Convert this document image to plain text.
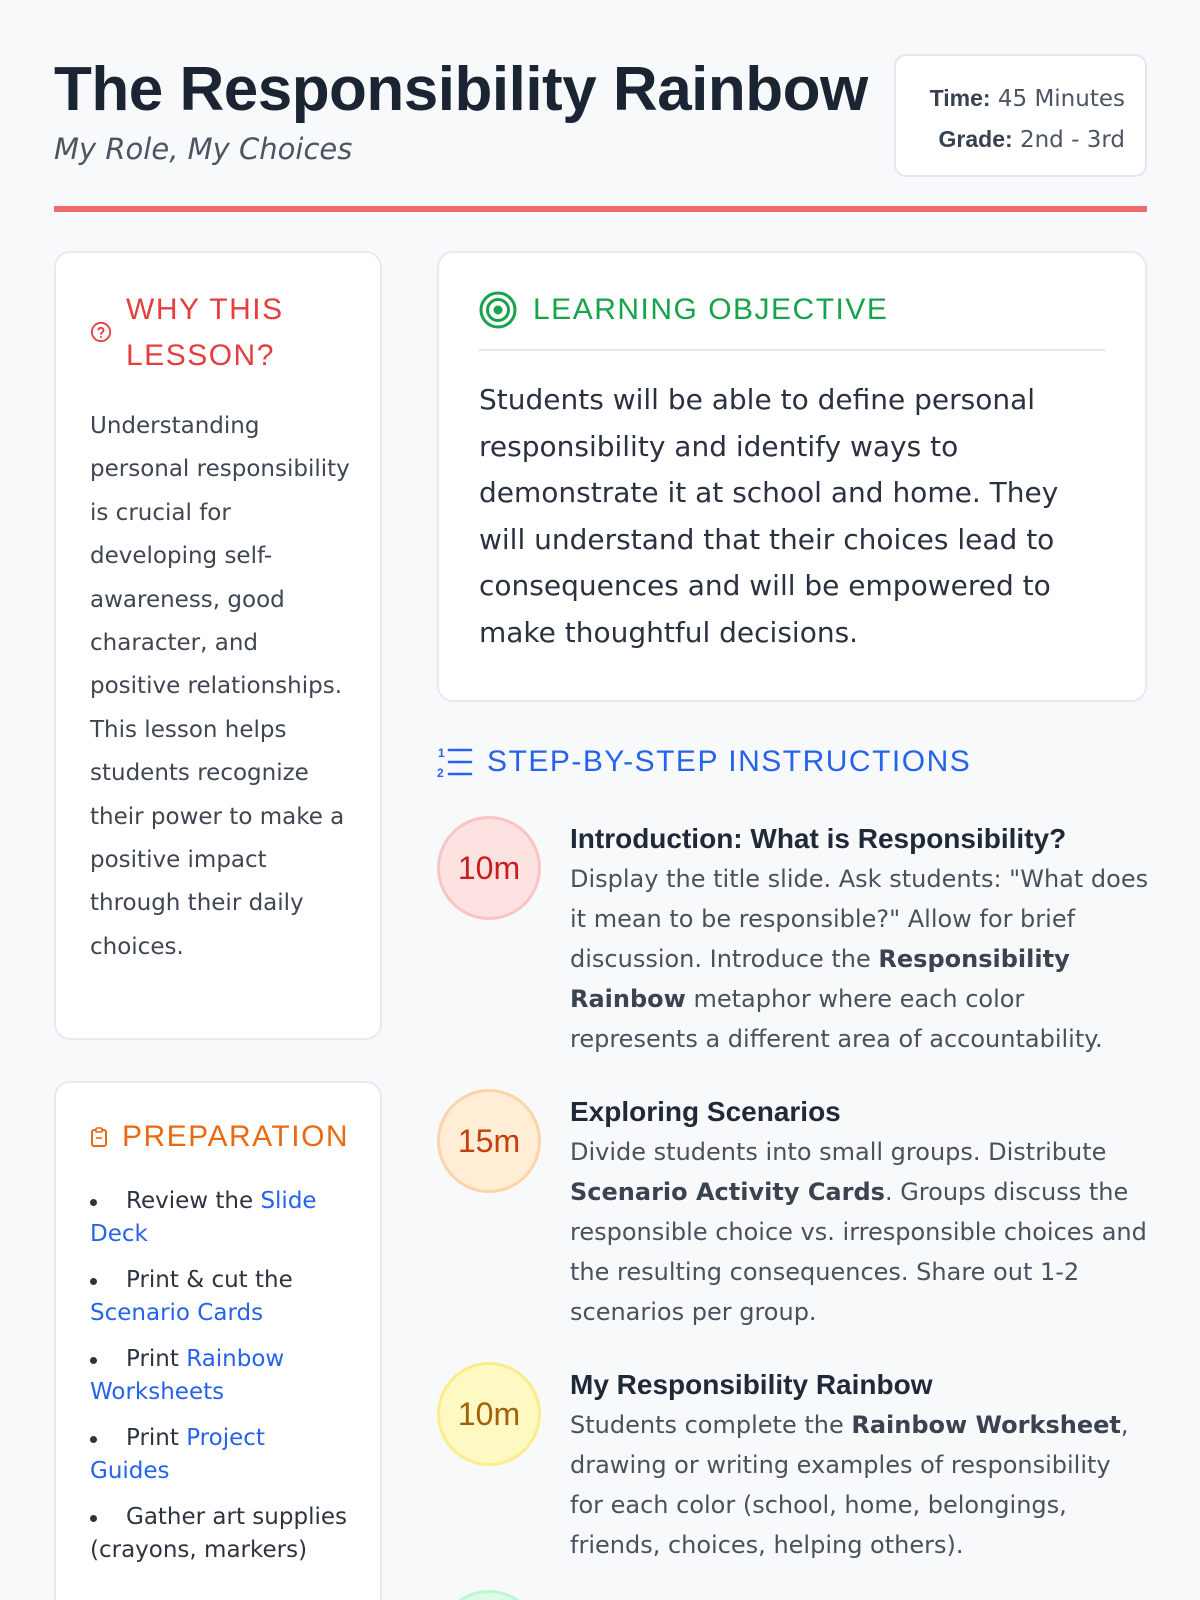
The Responsibility Rainbow
My Role, My Choices
Time: 45 Minutes
Grade: 2nd - 3rd
WHY THIS LESSON?

Understanding personal responsibility is crucial for developing self-awareness, good character, and positive relationships. This lesson helps students recognize their power to make a positive impact through their daily choices.

PREPARATION
Review the Slide Deck
Print & cut the Scenario Cards
Print Rainbow Worksheets
Print Project Guides
Gather art supplies (crayons, markers)
LEARNING OBJECTIVE

Students will be able to define personal responsibility and identify ways to demonstrate it at school and home. They will understand that their choices lead to consequences and will be empowered to make thoughtful decisions.

1
2 STEP-BY-STEP INSTRUCTIONS
10m
Introduction: What is Responsibility?

Display the title slide. Ask students: "What does it mean to be responsible?" Allow for brief discussion. Introduce the Responsibility Rainbow metaphor where each color represents a different area of accountability.

15m
Exploring Scenarios

Divide students into small groups. Distribute Scenario Activity Cards. Groups discuss the responsible choice vs. irresponsible choices and the resulting consequences. Share out 1-2 scenarios per group.

10m
My Responsibility Rainbow

Students complete the Rainbow Worksheet, drawing or writing examples of responsibility for each color (school, home, belongings, friends, choices, helping others).
